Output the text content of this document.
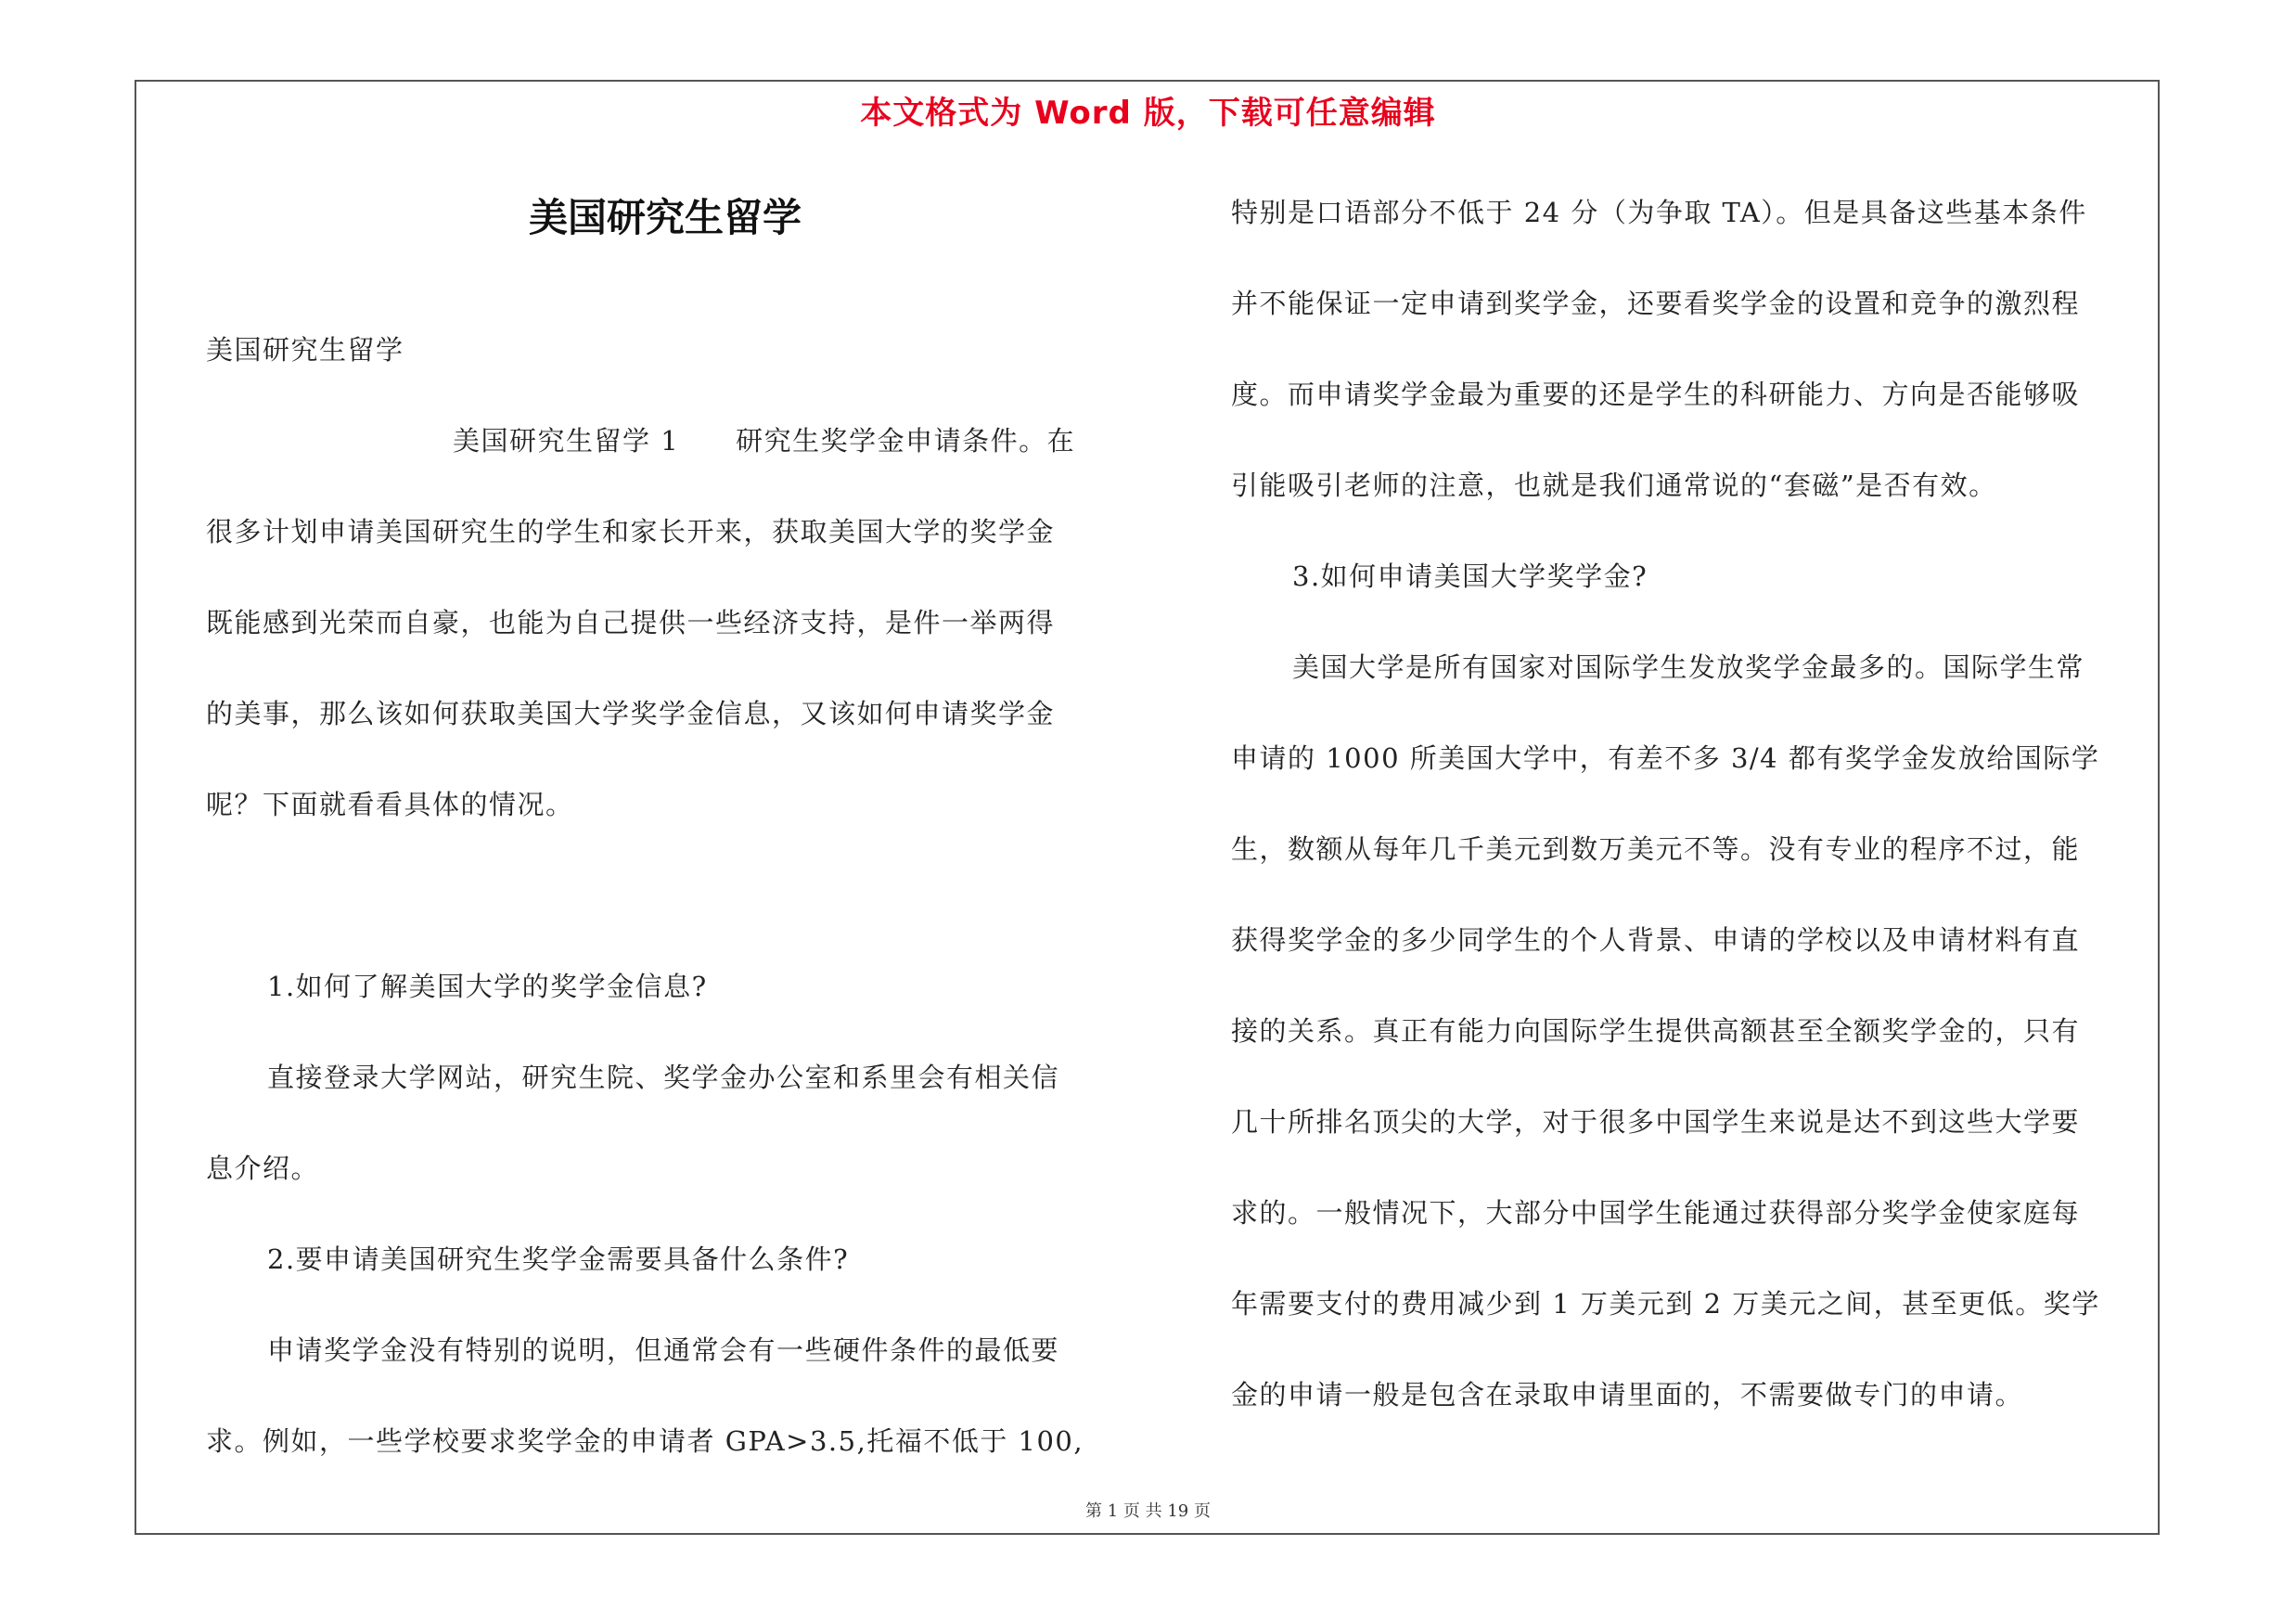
本文格式为 Word 版，下载可任意编辑
美国研究生留学
美国研究生留学
美国研究生留学 1　　研究生奖学金申请条件。在
很多计划申请美国研究生的学生和家长开来，获取美国大学的奖学金
既能感到光荣而自豪，也能为自己提供一些经济支持，是件一举两得
的美事，那么该如何获取美国大学奖学金信息，又该如何申请奖学金
呢？下面就看看具体的情况。

1.如何了解美国大学的奖学金信息?
直接登录大学网站，研究生院、奖学金办公室和系里会有相关信
息介绍。
2.要申请美国研究生奖学金需要具备什么条件?
申请奖学金没有特别的说明，但通常会有一些硬件条件的最低要
求。例如，一些学校要求奖学金的申请者 GPA>3.5,托福不低于 100,
特别是口语部分不低于 24 分（为争取 TA）。但是具备这些基本条件
并不能保证一定申请到奖学金，还要看奖学金的设置和竞争的激烈程
度。而申请奖学金最为重要的还是学生的科研能力、方向是否能够吸
引能吸引老师的注意，也就是我们通常说的“套磁”是否有效。
3.如何申请美国大学奖学金?
美国大学是所有国家对国际学生发放奖学金最多的。国际学生常
申请的 1000 所美国大学中，有差不多 3/4 都有奖学金发放给国际学
生，数额从每年几千美元到数万美元不等。没有专业的程序不过，能
获得奖学金的多少同学生的个人背景、申请的学校以及申请材料有直
接的关系。真正有能力向国际学生提供高额甚至全额奖学金的，只有
几十所排名顶尖的大学，对于很多中国学生来说是达不到这些大学要
求的。一般情况下，大部分中国学生能通过获得部分奖学金使家庭每
年需要支付的费用减少到 1 万美元到 2 万美元之间，甚至更低。奖学
金的申请一般是包含在录取申请里面的，不需要做专门的申请。
第 1 页 共 19 页
